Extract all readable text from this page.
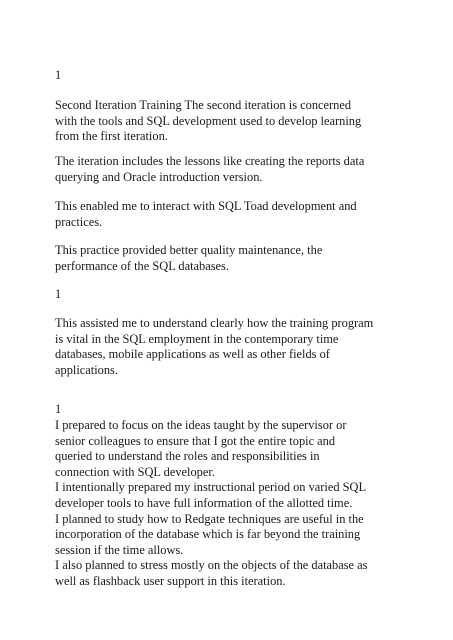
1

Second Iteration Training The second iteration is concerned
with the tools and SQL development used to develop learning
from the first iteration.

The iteration includes the lessons like creating the reports data
querying and Oracle introduction version.

This enabled me to interact with SQL Toad development and
practices.

This practice provided better quality maintenance, the
performance of the SQL databases.

1

This assisted me to understand clearly how the training program
is vital in the SQL employment in the contemporary time
databases, mobile applications as well as other fields of
applications.

1

I prepared to focus on the ideas taught by the supervisor or
senior colleagues to ensure that I got the entire topic and
queried to understand the roles and responsibilities in
connection with SQL developer.
I intentionally prepared my instructional period on varied SQL
developer tools to have full information of the allotted time.
I planned to study how to Redgate techniques are useful in the
incorporation of the database which is far beyond the training
session if the time allows.
I also planned to stress mostly on the objects of the database as
well as flashback user support in this iteration.
